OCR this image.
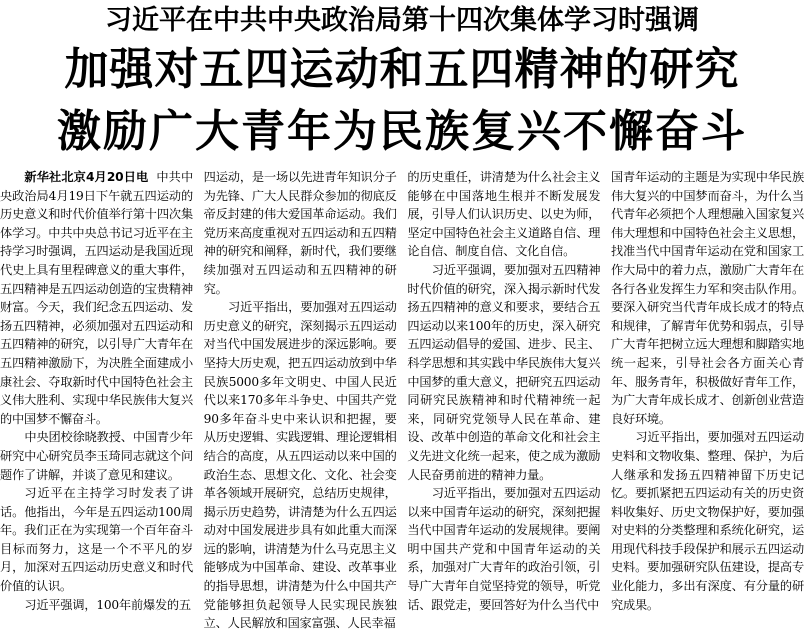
习近平在中共中央政治局第十四次集体学习时强调
加强对五四运动和五四精神的研究
激励广大青年为民族复兴不懈奋斗

新华社北京4月20日电 中共中央政治局4月19日下午就五四运动的历史意义和时代价值举行第十四次集体学习。中共中央总书记习近平在主持学习时强调，五四运动是我国近现代史上具有里程碑意义的重大事件，五四精神是五四运动创造的宝贵精神财富。今天，我们纪念五四运动、发扬五四精神，必须加强对五四运动和五四精神的研究，以引导广大青年在五四精神激励下，为决胜全面建成小康社会、夺取新时代中国特色社会主义伟大胜利、实现中华民族伟大复兴的中国梦不懈奋斗。

中央团校徐晓教授、中国青少年研究中心研究员李玉琦同志就这个问题作了讲解，并谈了意见和建议。

习近平在主持学习时发表了讲话。他指出，今年是五四运动100周年。我们正在为实现第一个百年奋斗目标而努力，这是一个不平凡的岁月，加深对五四运动历史意义和时代价值的认识。

习近平强调，100年前爆发的五

四运动，是一场以先进青年知识分子为先锋、广大人民群众参加的彻底反帝反封建的伟大爱国革命运动。我们党历来高度重视对五四运动和五四精神的研究和阐释，新时代，我们要继续加强对五四运动和五四精神的研究。

习近平指出，要加强对五四运动历史意义的研究，深刻揭示五四运动对当代中国发展进步的深远影响。要坚持大历史观，把五四运动放到中华民族5000多年文明史、中国人民近代以来170多年斗争史、中国共产党90多年奋斗史中来认识和把握，要从历史逻辑、实践逻辑、理论逻辑相结合的高度，从五四运动以来中国的政治生态、思想文化、文化、社会变革各领域开展研究，总结历史规律，揭示历史趋势，讲清楚为什么五四运动对中国发展进步具有如此重大而深远的影响，讲清楚为什么马克思主义能够成为中国革命、建设、改革事业的指导思想，讲清楚为什么中国共产党能够担负起领导人民实现民族独立、人民解放和国家富强、人民幸福

的历史重任，讲清楚为什么社会主义能够在中国落地生根并不断发展发展，引导人们认识历史、以史为师，坚定中国特色社会主义道路自信、理论自信、制度自信、文化自信。

习近平强调，要加强对五四精神时代价值的研究，深入揭示新时代发扬五四精神的意义和要求，要结合五四运动以来100年的历史，深入研究五四运动倡导的爱国、进步、民主、科学思想和其实践中华民族伟大复兴中国梦的重大意义，把研究五四运动同研究民族精神和时代精神统一起来，同研究党领导人民在革命、建设、改革中创造的革命文化和社会主义先进文化统一起来，使之成为激励人民奋勇前进的精神力量。

习近平指出，要加强对五四运动以来中国青年运动的研究，深刻把握当代中国青年运动的发展规律。要阐明中国共产党和中国青年运动的关系，加强对广大青年的政治引领，引导广大青年自觉坚持党的领导，听党话、跟党走，要回答好为什么当代中

国青年运动的主题是为实现中华民族伟大复兴的中国梦而奋斗，为什么当代青年必须把个人理想融入国家复兴伟大理想和中国特色社会主义思想，找准当代中国青年运动在党和国家工作大局中的着力点，激励广大青年在各行各业发挥生力军和突击队作用。要深入研究当代青年成长成才的特点和规律，了解青年优势和弱点，引导广大青年把树立远大理想和脚踏实地统一起来，引导社会各方面关心青年、服务青年，积极做好青年工作，为广大青年成长成才、创新创业营造良好环境。

习近平指出，要加强对五四运动史料和文物收集、整理、保护，为后人继承和发扬五四精神留下历史记忆。要抓紧把五四运动有关的历史资料收集好、历史文物保护好，要加强对史料的分类整理和系统化研究，运用现代科技手段保护和展示五四运动史料。要加强研究队伍建设，提高专业化能力，多出有深度、有分量的研究成果。
